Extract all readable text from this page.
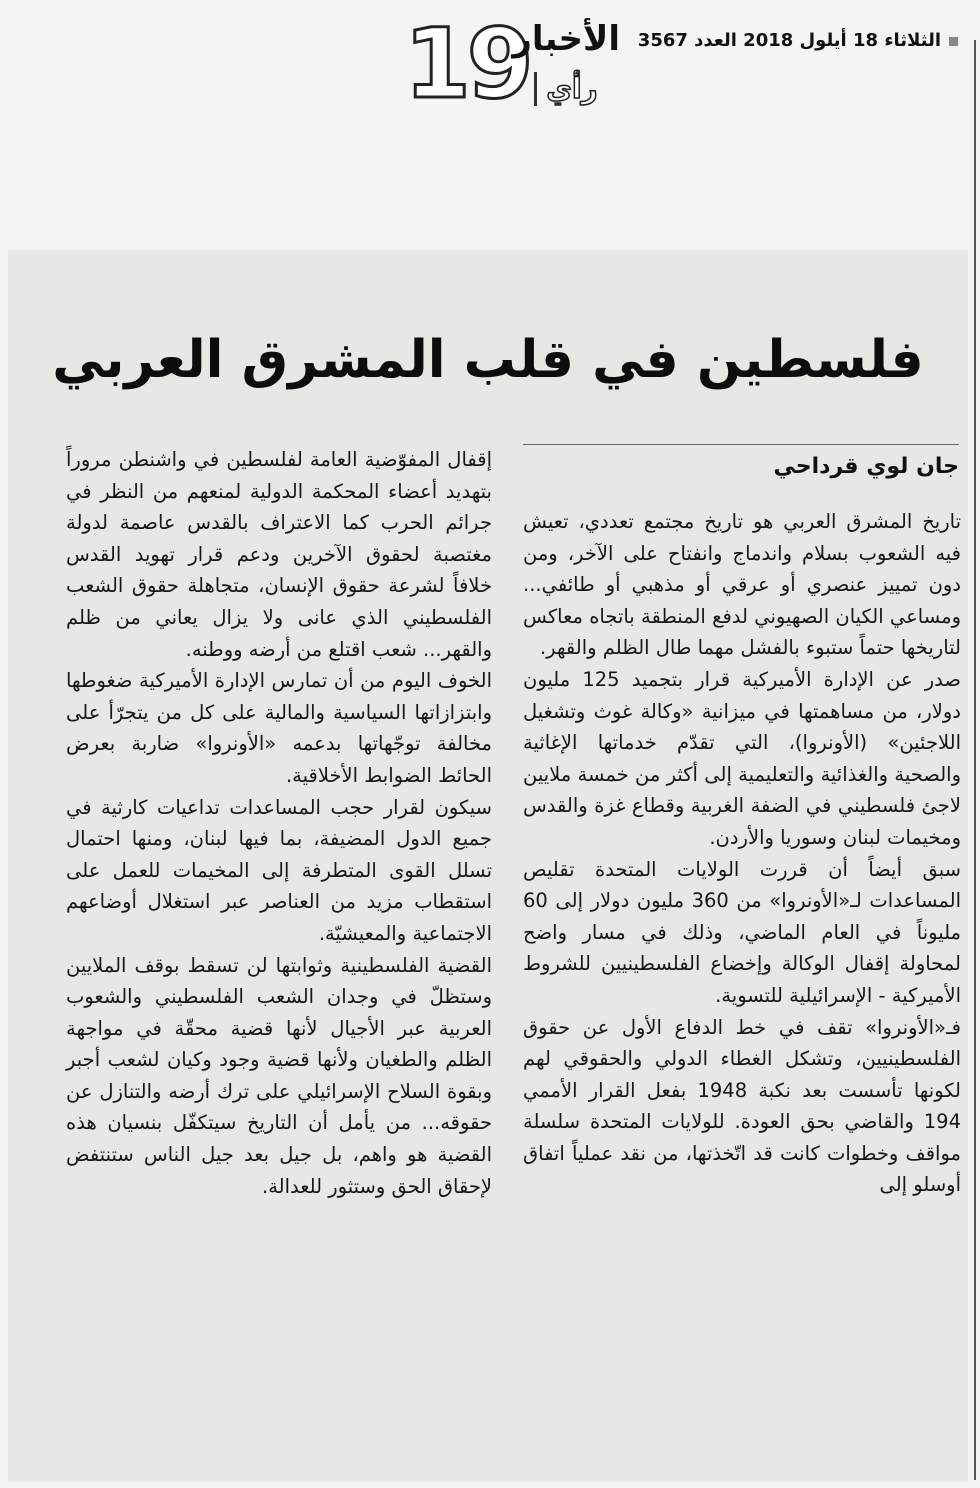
19
الأخبار
رأي
الثلاثاء 18 أيلول 2018 العدد 3567
فلسطين في قلب المشرق العربي
جان لوي قرداحي

تاريخ المشرق العربي هو تاريخ مجتمع تعددي، تعيش فيه الشعوب بسلام واندماج وانفتاح على الآخر، ومن دون تمييز عنصري أو عرقي أو مذهبي أو طائفي... ومساعي الكيان الصهيوني لدفع المنطقة باتجاه معاكس لتاريخها حتماً ستبوء بالفشل مهما طال الظلم والقهر.

صدر عن الإدارة الأميركية قرار بتجميد 125 مليون دولار، من مساهمتها في ميزانية «وكالة غوث وتشغيل اللاجئين» (الأونروا)، التي تقدّم خدماتها الإغاثية والصحية والغذائية والتعليمية إلى أكثر من خمسة ملايين لاجئ فلسطيني في الضفة الغربية وقطاع غزة والقدس ومخيمات لبنان وسوريا والأردن.

سبق أيضاً أن قررت الولايات المتحدة تقليص المساعدات لـ«الأونروا» من 360 مليون دولار إلى 60 مليوناً في العام الماضي، وذلك في مسار واضح لمحاولة إقفال الوكالة وإخضاع الفلسطينيين للشروط الأميركية - الإسرائيلية للتسوية.

فـ«الأونروا» تقف في خط الدفاع الأول عن حقوق الفلسطينيين، وتشكل الغطاء الدولي والحقوقي لهم لكونها تأسست بعد نكبة 1948 بفعل القرار الأممي 194 والقاضي بحق العودة. للولايات المتحدة سلسلة مواقف وخطوات كانت قد اتّخذتها، من نقد عملياً اتفاق أوسلو إلى

إقفال المفوّضية العامة لفلسطين في واشنطن مروراً بتهديد أعضاء المحكمة الدولية لمنعهم من النظر في جرائم الحرب كما الاعتراف بالقدس عاصمة لدولة مغتصبة لحقوق الآخرين ودعم قرار تهويد القدس خلافاً لشرعة حقوق الإنسان، متجاهلة حقوق الشعب الفلسطيني الذي عانى ولا يزال يعاني من ظلم والقهر... شعب اقتلع من أرضه ووطنه.

الخوف اليوم من أن تمارس الإدارة الأميركية ضغوطها وابتزازاتها السياسية والمالية على كل من يتجرّأ على مخالفة توجّهاتها بدعمه «الأونروا» ضاربة بعرض الحائط الضوابط الأخلاقية.

سيكون لقرار حجب المساعدات تداعيات كارثية في جميع الدول المضيفة، بما فيها لبنان، ومنها احتمال تسلل القوى المتطرفة إلى المخيمات للعمل على استقطاب مزيد من العناصر عبر استغلال أوضاعهم الاجتماعية والمعيشيّة.

القضية الفلسطينية وثوابتها لن تسقط بوقف الملايين وستظلّ في وجدان الشعب الفلسطيني والشعوب العربية عبر الأجيال لأنها قضية محقّة في مواجهة الظلم والطغيان ولأنها قضية وجود وكيان لشعب أجبر وبقوة السلاح الإسرائيلي على ترك أرضه والتنازل عن حقوقه... من يأمل أن التاريخ سيتكفّل بنسيان هذه القضية هو واهم، بل جيل بعد جيل الناس ستنتفض لإحقاق الحق وستثور للعدالة.
